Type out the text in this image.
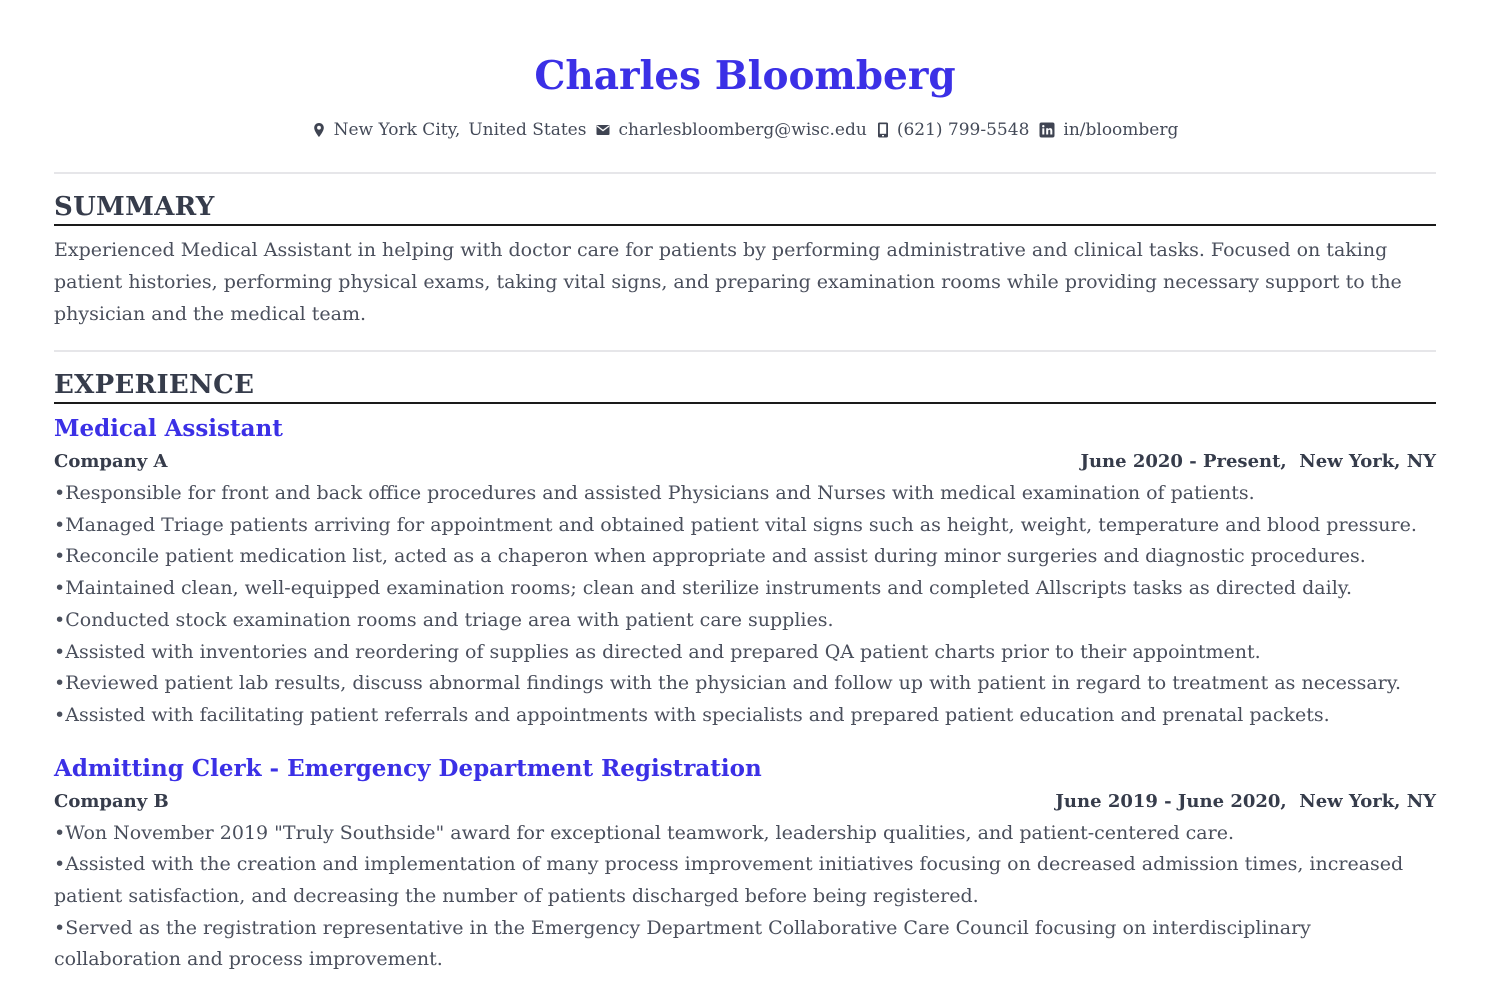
Charles Bloomberg
New York City, United States charlesbloomberg@wisc.edu (621) 799-5548 in/bloomberg
SUMMARY
Experienced Medical Assistant in helping with doctor care for patients by performing administrative and clinical tasks. Focused on taking patient histories, performing physical exams, taking vital signs, and preparing examination rooms while providing necessary support to the physician and the medical team.
EXPERIENCE
Medical Assistant
Company A	June 2020 - Present, New York, NY
• Responsible for front and back office procedures and assisted Physicians and Nurses with medical examination of patients.
• Managed Triage patients arriving for appointment and obtained patient vital signs such as height, weight, temperature and blood pressure.
• Reconcile patient medication list, acted as a chaperon when appropriate and assist during minor surgeries and diagnostic procedures.
• Maintained clean, well-equipped examination rooms; clean and sterilize instruments and completed Allscripts tasks as directed daily.
• Conducted stock examination rooms and triage area with patient care supplies.
• Assisted with inventories and reordering of supplies as directed and prepared QA patient charts prior to their appointment.
• Reviewed patient lab results, discuss abnormal findings with the physician and follow up with patient in regard to treatment as necessary.
• Assisted with facilitating patient referrals and appointments with specialists and prepared patient education and prenatal packets.
Admitting Clerk - Emergency Department Registration
Company B	June 2019 - June 2020, New York, NY
• Won November 2019 "Truly Southside" award for exceptional teamwork, leadership qualities, and patient-centered care.
• Assisted with the creation and implementation of many process improvement initiatives focusing on decreased admission times, increased patient satisfaction, and decreasing the number of patients discharged before being registered.
• Served as the registration representative in the Emergency Department Collaborative Care Council focusing on interdisciplinary collaboration and process improvement.
